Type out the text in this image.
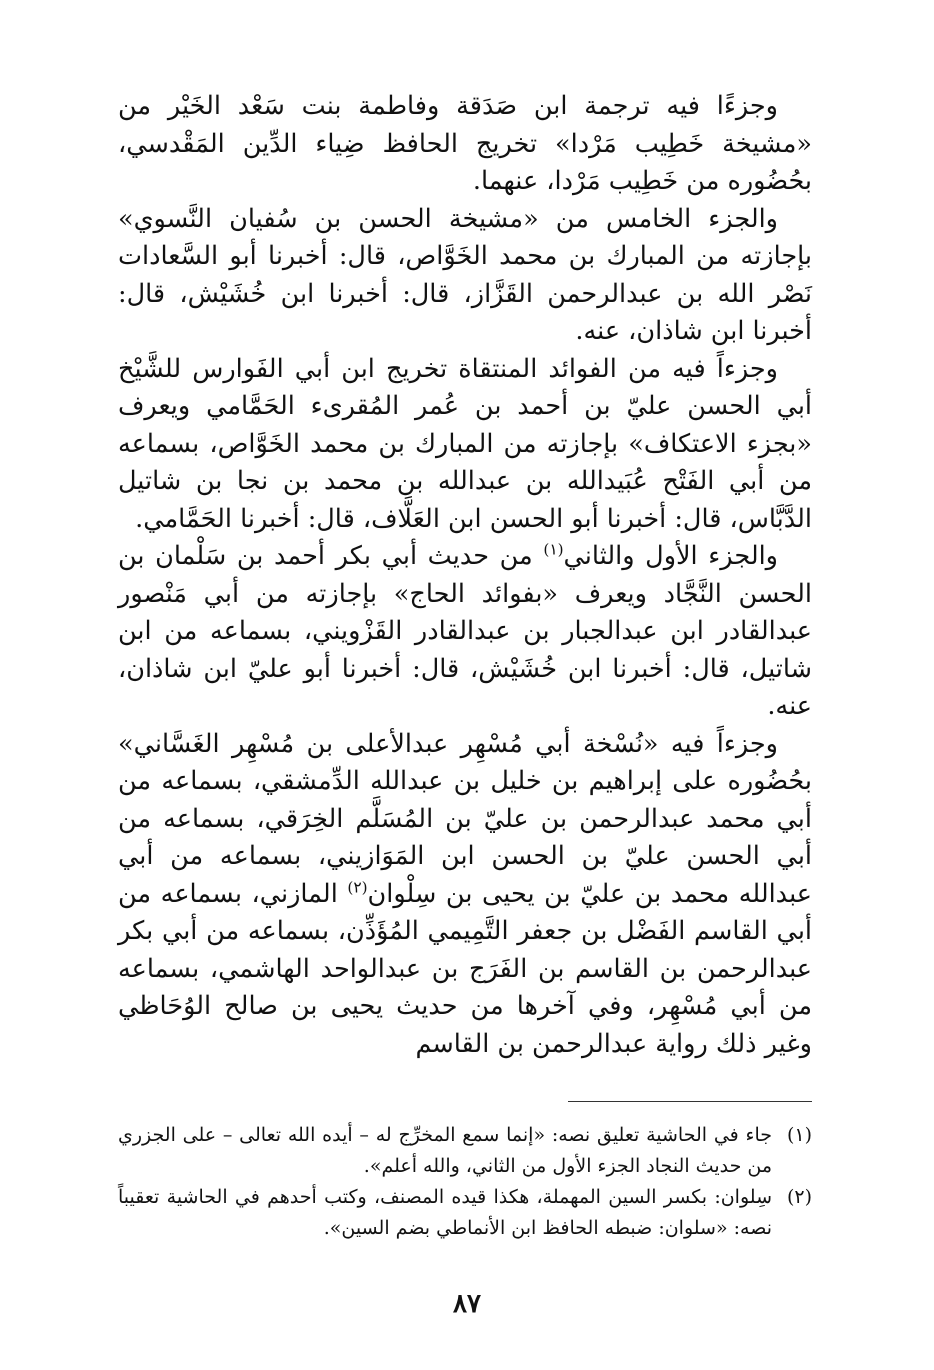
وجزءًا فيه ترجمة ابن صَدَقة وفاطمة بنت سَعْد الخَيْر من «مشيخة خَطِيب مَرْدا» تخريج الحافظ ضِياء الدِّين المَقْدسي، بحُضُوره من خَطِيب مَرْدا، عنهما.

والجزء الخامس من «مشيخة الحسن بن سُفيان النَّسوي» بإجازته من المبارك بن محمد الخَوَّاص، قال: أخبرنا أبو السَّعادات نَصْر الله بن عبدالرحمن القَزَّاز، قال: أخبرنا ابن خُشَيْش، قال: أخبرنا ابن شاذان، عنه.

وجزءاً فيه من الفوائد المنتقاة تخريج ابن أبي الفَوارس للشَّيْخ أبي الحسن عليّ بن أحمد بن عُمر المُقرىء الحَمَّامي ويعرف «بجزء الاعتكاف» بإجازته من المبارك بن محمد الخَوَّاص، بسماعه من أبي الفَتْح عُبَيدالله بن عبدالله بن محمد بن نجا بن شاتيل الدَّبَّاس، قال: أخبرنا أبو الحسن ابن العَلَّاف، قال: أخبرنا الحَمَّامي.

والجزء الأول والثاني$^{(١)}$ من حديث أبي بكر أحمد بن سَلْمان بن الحسن النَّجَّاد ويعرف «بفوائد الحاج» بإجازته من أبي مَنْصور عبدالقادر ابن عبدالجبار بن عبدالقادر القَزْويني، بسماعه من ابن شاتيل، قال: أخبرنا ابن خُشَيْش، قال: أخبرنا أبو عليّ ابن شاذان، عنه.

وجزءاً فيه «نُسْخة أبي مُسْهِر عبدالأعلى بن مُسْهِر الغَسَّاني» بحُضُوره على إبراهيم بن خليل بن عبدالله الدِّمشقي، بسماعه من أبي محمد عبدالرحمن بن عليّ بن المُسَلَّم الخِرَقي، بسماعه من أبي الحسن عليّ بن الحسن ابن المَوَازيني، بسماعه من أبي عبدالله محمد بن عليّ بن يحيى بن سِلْوان$^{(٢)}$ المازني، بسماعه من أبي القاسم الفَضْل بن جعفر التَّمِيمي المُؤَذِّن، بسماعه من أبي بكر عبدالرحمن بن القاسم بن الفَرَج بن عبدالواحد الهاشمي، بسماعه من أبي مُسْهِر، وفي آخرها من حديث يحيى بن صالح الوُحَاظي وغير ذلك رواية عبدالرحمن بن القاسم

(١)
جاء في الحاشية تعليق نصه: «إنما سمع المخرِّج له – أيده الله تعالى – على الجزري من حديث النجاد الجزء الأول من الثاني، والله أعلم».
(٢)
سِلوان: بكسر السين المهملة، هكذا قيده المصنف، وكتب أحدهم في الحاشية تعقيباً نصه: «سلوان: ضبطه الحافظ ابن الأنماطي بضم السين».
٨٧
